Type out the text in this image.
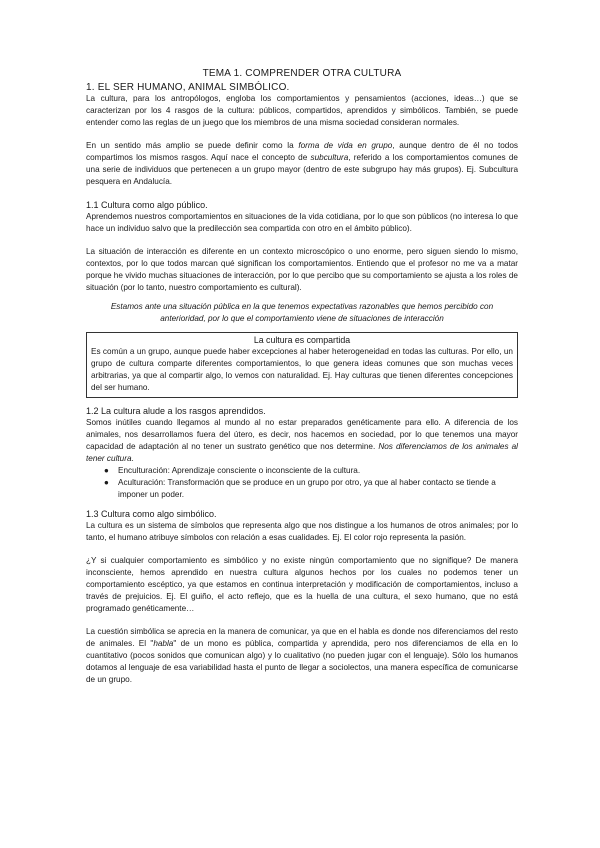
TEMA 1. COMPRENDER OTRA CULTURA
1. EL SER HUMANO, ANIMAL SIMBÓLICO.

La cultura, para los antropólogos, engloba los comportamientos y pensamientos (acciones, ideas…) que se caracterizan por los 4 rasgos de la cultura: públicos, compartidos, aprendidos y simbólicos. También, se puede entender como las reglas de un juego que los miembros de una misma sociedad consideran normales.

En un sentido más amplio se puede definir como la forma de vida en grupo, aunque dentro de él no todos compartimos los mismos rasgos. Aquí nace el concepto de subcultura, referido a los comportamientos comunes de una serie de individuos que pertenecen a un grupo mayor (dentro de este subgrupo hay más grupos). Ej. Subcultura pesquera en Andalucía.

1.1 Cultura como algo público.

Aprendemos nuestros comportamientos en situaciones de la vida cotidiana, por lo que son públicos (no interesa lo que hace un individuo salvo que la predilección sea compartida con otro en el ámbito público).

La situación de interacción es diferente en un contexto microscópico o uno enorme, pero siguen siendo lo mismo, contextos, por lo que todos marcan qué significan los comportamientos. Entiendo que el profesor no me va a matar porque he vivido muchas situaciones de interacción, por lo que percibo que su comportamiento se ajusta a los roles de situación (por lo tanto, nuestro comportamiento es cultural).

Estamos ante una situación pública en la que tenemos expectativas razonables que hemos percibido con anterioridad, por lo que el comportamiento viene de situaciones de interacción

La cultura es compartida

Es común a un grupo, aunque puede haber excepciones al haber heterogeneidad en todas las culturas. Por ello, un grupo de cultura comparte diferentes comportamientos, lo que genera ideas comunes que son muchas veces arbitrarias, ya que al compartir algo, lo vemos con naturalidad. Ej. Hay culturas que tienen diferentes concepciones del ser humano.

1.2 La cultura alude a los rasgos aprendidos.

Somos inútiles cuando llegamos al mundo al no estar preparados genéticamente para ello. A diferencia de los animales, nos desarrollamos fuera del útero, es decir, nos hacemos en sociedad, por lo que tenemos una mayor capacidad de adaptación al no tener un sustrato genético que nos determine. Nos diferenciamos de los animales al tener cultura.

● Enculturación: Aprendizaje consciente o inconsciente de la cultura.
● Aculturación: Transformación que se produce en un grupo por otro, ya que al haber contacto se tiende a imponer un poder.
1.3 Cultura como algo simbólico.

La cultura es un sistema de símbolos que representa algo que nos distingue a los humanos de otros animales; por lo tanto, el humano atribuye símbolos con relación a esas cualidades. Ej. El color rojo representa la pasión.

¿Y si cualquier comportamiento es simbólico y no existe ningún comportamiento que no signifique? De manera inconsciente, hemos aprendido en nuestra cultura algunos hechos por los cuales no podemos tener un comportamiento escéptico, ya que estamos en continua interpretación y modificación de comportamientos, incluso a través de prejuicios. Ej. El guiño, el acto reflejo, que es la huella de una cultura, el sexo humano, que no está programado genéticamente…

La cuestión simbólica se aprecia en la manera de comunicar, ya que en el habla es donde nos diferenciamos del resto de animales. El "habla" de un mono es pública, compartida y aprendida, pero nos diferenciamos de ella en lo cuantitativo (pocos sonidos que comunican algo) y lo cualitativo (no pueden jugar con el lenguaje). Sólo los humanos dotamos al lenguaje de esa variabilidad hasta el punto de llegar a sociolectos, una manera específica de comunicarse de un grupo.
